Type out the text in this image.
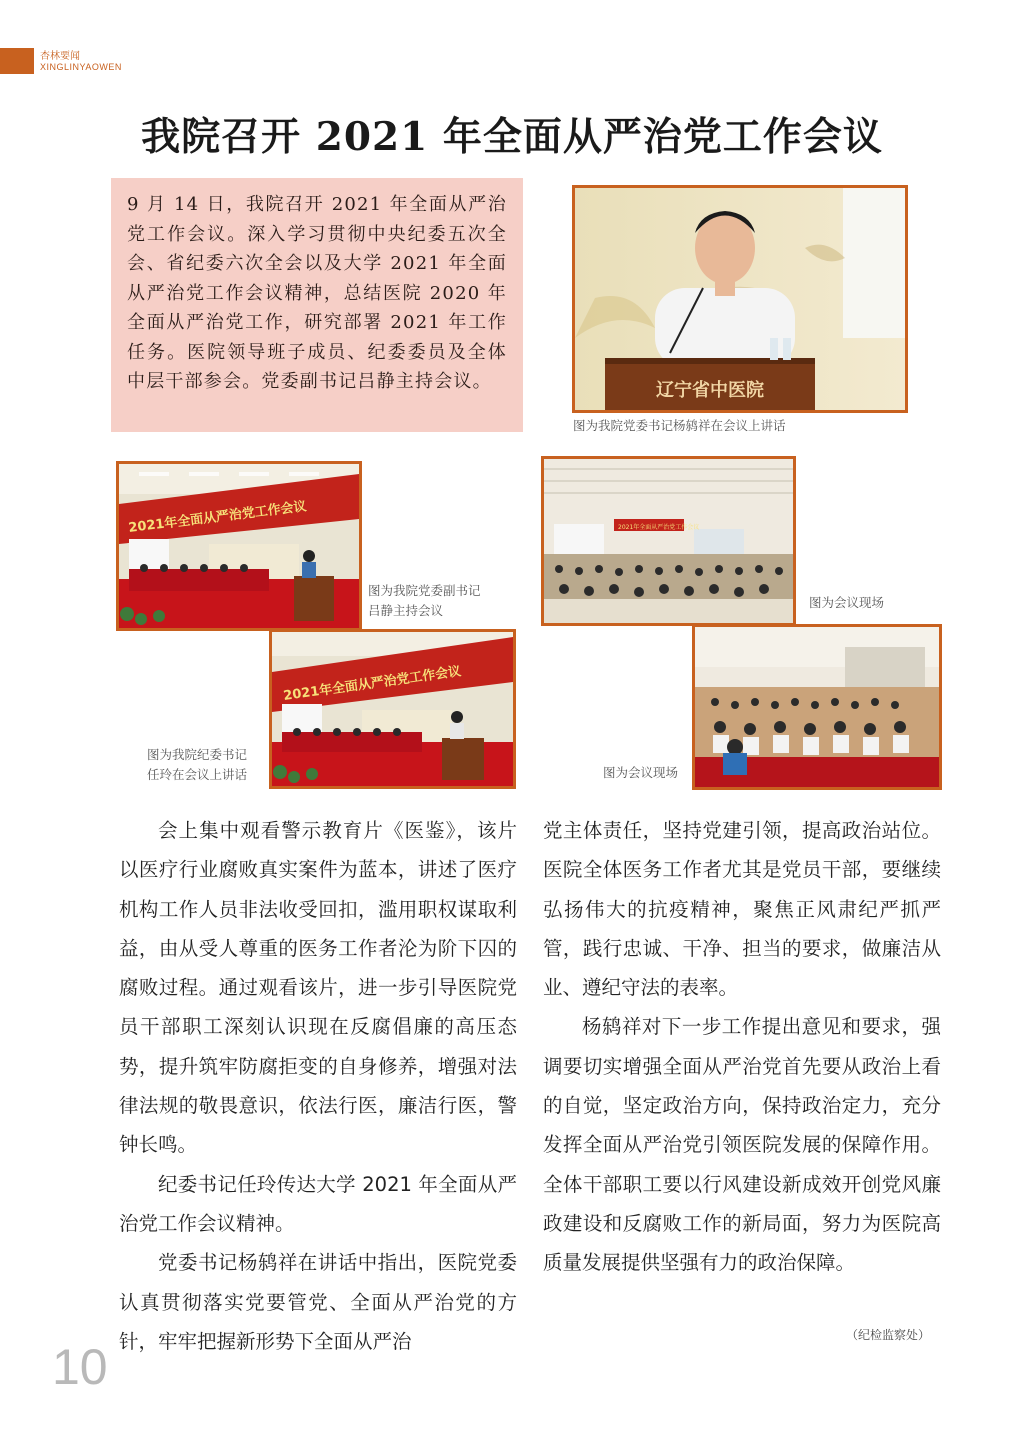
杏林要闻
XINGLINYAOWEN
我院召开 2021 年全面从严治党工作会议

9 月 14 日，我院召开 2021 年全面从严治党工作会议。深入学习贯彻中央纪委五次全会、省纪委六次全会以及大学 2021 年全面从严治党工作会议精神，总结医院 2020 年全面从严治党工作，研究部署 2021 年工作任务。医院领导班子成员、纪委委员及全体中层干部参会。党委副书记吕静主持会议。	辽宁省中医院
图为我院党委书记杨鸫祥在会议上讲话
2021年全面从严治党工作会议
图为我院党委副书记
吕静主持会议
2021年全面从严治党工作会议
图为我院纪委书记
任玲在会议上讲话
2021年全面从严治党工作会议
图为会议现场
图为会议现场

会上集中观看警示教育片《医鉴》，该片以医疗行业腐败真实案件为蓝本，讲述了医疗机构工作人员非法收受回扣，滥用职权谋取利益，由从受人尊重的医务工作者沦为阶下囚的腐败过程。通过观看该片，进一步引导医院党员干部职工深刻认识现在反腐倡廉的高压态势，提升筑牢防腐拒变的自身修养，增强对法律法规的敬畏意识，依法行医，廉洁行医，警钟长鸣。

纪委书记任玲传达大学 2021 年全面从严治党工作会议精神。

党委书记杨鸫祥在讲话中指出，医院党委认真贯彻落实党要管党、全面从严治党的方针，牢牢把握新形势下全面从严治

党主体责任，坚持党建引领，提高政治站位。医院全体医务工作者尤其是党员干部，要继续弘扬伟大的抗疫精神，聚焦正风肃纪严抓严管，践行忠诚、干净、担当的要求，做廉洁从业、遵纪守法的表率。

杨鸫祥对下一步工作提出意见和要求，强调要切实增强全面从严治党首先要从政治上看的自觉，坚定政治方向，保持政治定力，充分发挥全面从严治党引领医院发展的保障作用。全体干部职工要以行风建设新成效开创党风廉政建设和反腐败工作的新局面，努力为医院高质量发展提供坚强有力的政治保障。

（纪检监察处）
10
